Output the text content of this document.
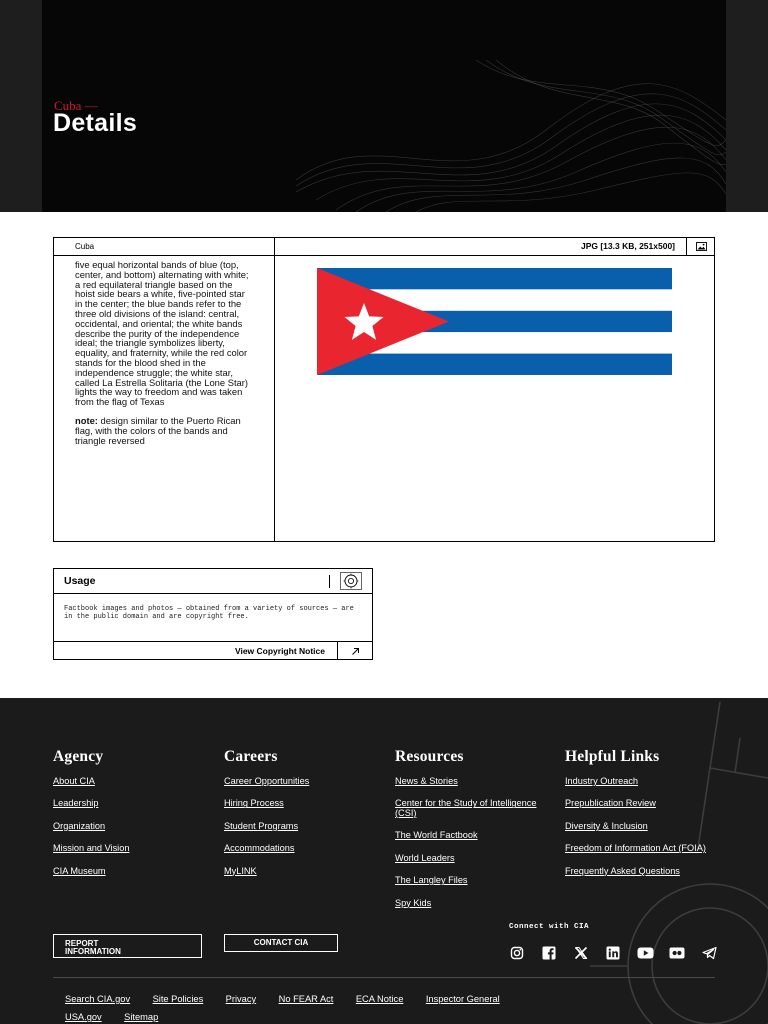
Cuba —
Details
Cuba	JPG [13.3 KB, 251x500]

five equal horizontal bands of blue (top, center, and bottom) alternating with white; a red equilateral triangle based on the hoist side bears a white, five-pointed star in the center; the blue bands refer to the three old divisions of the island: central, occidental, and oriental; the white bands describe the purity of the independence ideal; the triangle symbolizes liberty, equality, and fraternity, while the red color stands for the blood shed in the independence struggle; the white star, called La Estrella Solitaria (the Lone Star) lights the way to freedom and was taken from the flag of Texas

note: design similar to the Puerto Rican flag, with the colors of the bands and triangle reversed

Usage
Factbook images and photos — obtained from a variety of sources — are in the public domain and are copyright free.
View Copyright Notice
Agency
About CIA
Leadership
Organization
Mission and Vision
CIA Museum
Careers
Career Opportunities
Hiring Process
Student Programs
Accommodations
MyLINK
Resources
News & Stories
Center for the Study of Intelligence (CSI)
The World Factbook
World Leaders
The Langley Files
Spy Kids
Helpful Links
Industry Outreach
Prepublication Review
Diversity & Inclusion
Freedom of Information Act (FOIA)
Frequently Asked Questions
REPORT INFORMATION
CONTACT CIA
Connect with CIA
Search CIA.gov Site Policies Privacy No FEAR Act ECA Notice Inspector General
USA.gov Sitemap
